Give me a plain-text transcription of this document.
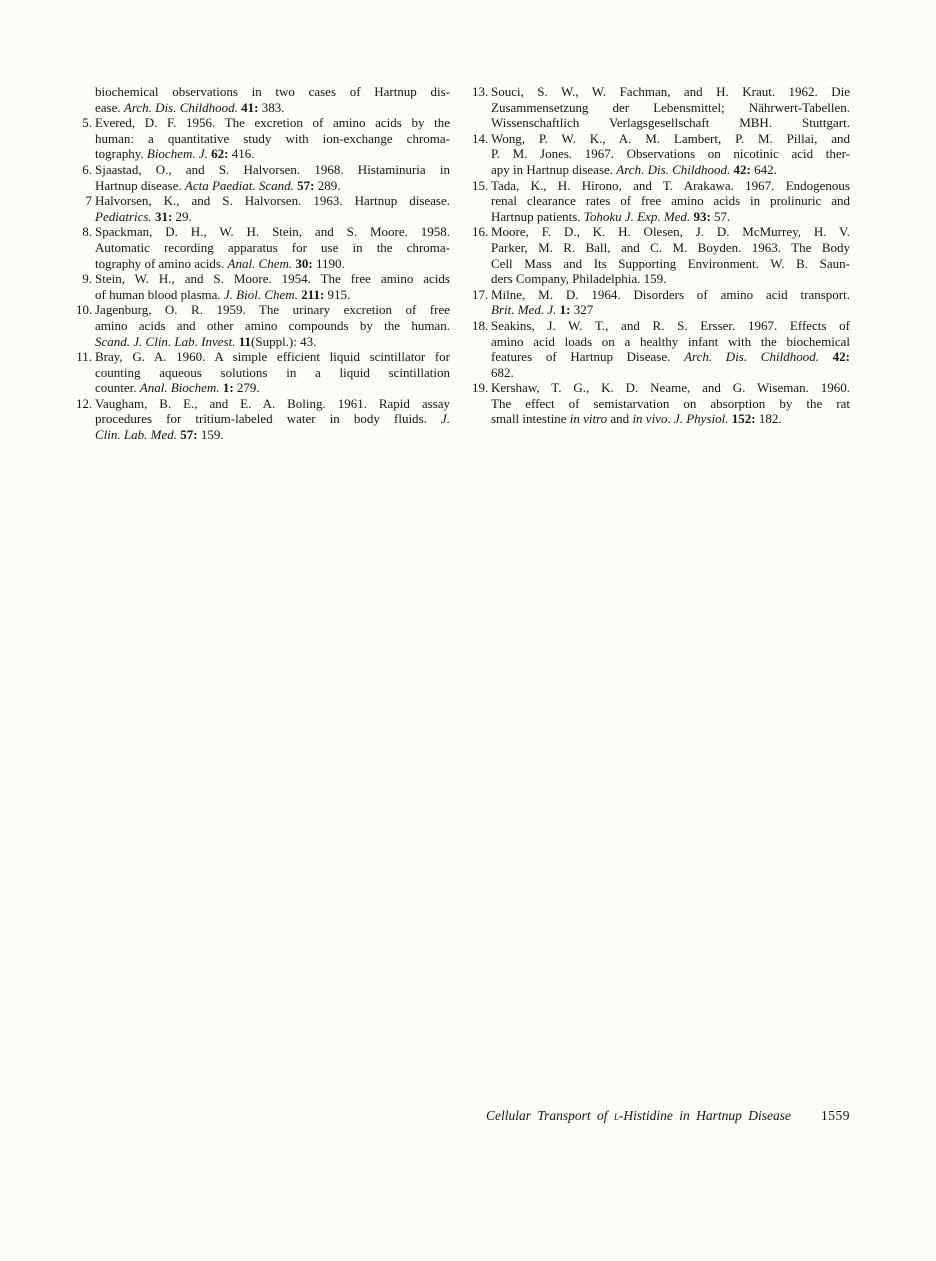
biochemical observations in two cases of Hartnup dis-
ease. Arch. Dis. Childhood. 41: 383.
5. Evered, D. F. 1956. The excretion of amino acids by the
human: a quantitative study with ion-exchange chroma-
tography. Biochem. J. 62: 416.
6. Sjaastad, O., and S. Halvorsen. 1968. Histaminuria in
Hartnup disease. Acta Paediat. Scand. 57: 289.
7 Halvorsen, K., and S. Halvorsen. 1963. Hartnup disease.
Pediatrics. 31: 29.
8. Spackman, D. H., W. H. Stein, and S. Moore. 1958.
Automatic recording apparatus for use in the chroma-
tography of amino acids. Anal. Chem. 30: 1190.
9. Stein, W. H., and S. Moore. 1954. The free amino acids
of human blood plasma. J. Biol. Chem. 211: 915.
10. Jagenburg, O. R. 1959. The urinary excretion of free
amino acids and other amino compounds by the human.
Scand. J. Clin. Lab. Invest. 11(Suppl.): 43.
11. Bray, G. A. 1960. A simple efficient liquid scintillator for
counting aqueous solutions in a liquid scintillation
counter. Anal. Biochem. 1: 279.
12. Vaugham, B. E., and E. A. Boling. 1961. Rapid assay
procedures for tritium-labeled water in body fluids. J.
Clin. Lab. Med. 57: 159.
13. Souci, S. W., W. Fachman, and H. Kraut. 1962. Die
Zusammensetzung der Lebensmittel; Nährwert-Tabellen.
Wissenschaftlich Verlagsgesellschaft MBH. Stuttgart.
14. Wong, P. W. K., A. M. Lambert, P. M. Pillai, and
P. M. Jones. 1967. Observations on nicotinic acid ther-
apy in Hartnup disease. Arch. Dis. Childhood. 42: 642.
15. Tada, K., H. Hirono, and T. Arakawa. 1967. Endogenous
renal clearance rates of free amino acids in prolinuric and
Hartnup patients. Tohoku J. Exp. Med. 93: 57.
16. Moore, F. D., K. H. Olesen, J. D. McMurrey, H. V.
Parker, M. R. Ball, and C. M. Boyden. 1963. The Body
Cell Mass and Its Supporting Environment. W. B. Saun-
ders Company, Philadelphia. 159.
17. Milne, M. D. 1964. Disorders of amino acid transport.
Brit. Med. J. 1: 327
18. Seakins, J. W. T., and R. S. Ersser. 1967. Effects of
amino acid loads on a healthy infant with the biochemical
features of Hartnup Disease. Arch. Dis. Childhood. 42:
682.
19. Kershaw, T. G., K. D. Neame, and G. Wiseman. 1960.
The effect of semistarvation on absorption by the rat
small intestine in vitro and in vivo. J. Physiol. 152: 182.
Cellular Transport of l-Histidine in Hartnup Disease 1559
